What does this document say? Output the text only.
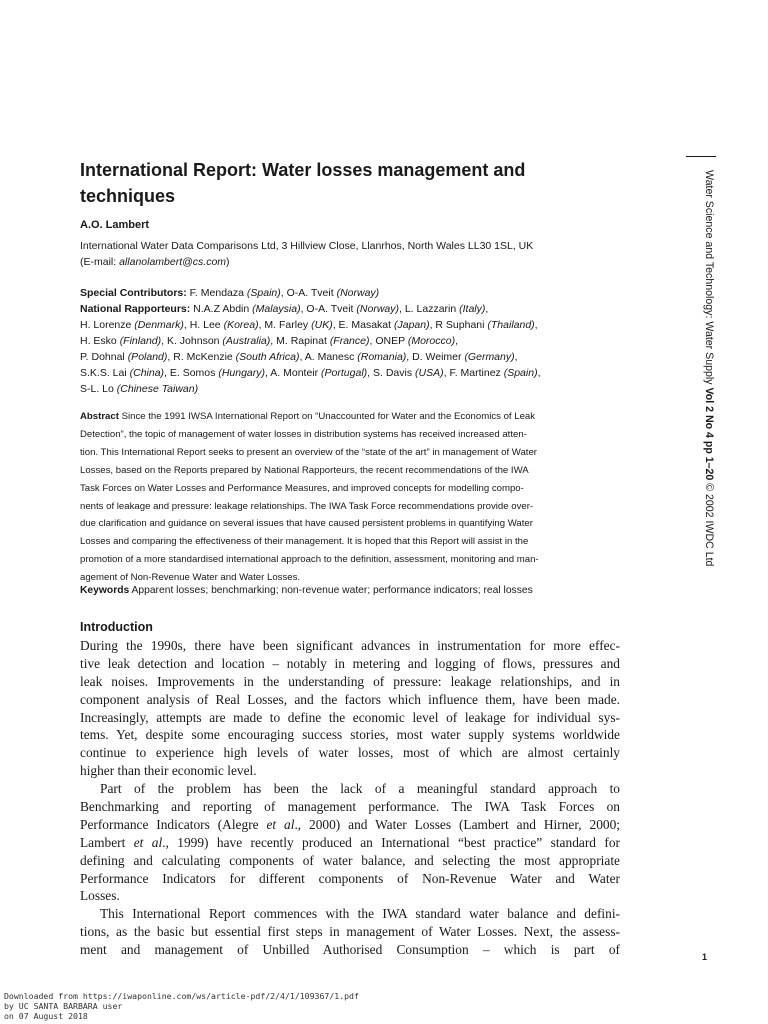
International Report: Water losses management and
techniques
A.O. Lambert
International Water Data Comparisons Ltd, 3 Hillview Close, Llanrhos, North Wales LL30 1SL, UK
(E-mail: allanolambert@cs.com)
Special Contributors: F. Mendaza (Spain), O-A. Tveit (Norway)
National Rapporteurs: N.A.Z Abdin (Malaysia), O-A. Tveit (Norway), L. Lazzarin (Italy),
H. Lorenze (Denmark), H. Lee (Korea), M. Farley (UK), E. Masakat (Japan), R Suphani (Thailand),
H. Esko (Finland), K. Johnson (Australia), M. Rapinat (France), ONEP (Morocco),
P. Dohnal (Poland), R. McKenzie (South Africa), A. Manesc (Romania), D. Weimer (Germany),
S.K.S. Lai (China), E. Somos (Hungary), A. Monteir (Portugal), S. Davis (USA), F. Martinez (Spain),
S-L. Lo (Chinese Taiwan)
Abstract Since the 1991 IWSA International Report on “Unaccounted for Water and the Economics of Leak
Detection”, the topic of management of water losses in distribution systems has received increased atten-
tion. This International Report seeks to present an overview of the “state of the art” in management of Water
Losses, based on the Reports prepared by National Rapporteurs, the recent recommendations of the IWA
Task Forces on Water Losses and Performance Measures, and improved concepts for modelling compo-
nents of leakage and pressure: leakage relationships. The IWA Task Force recommendations provide over-
due clarification and guidance on several issues that have caused persistent problems in quantifying Water
Losses and comparing the effectiveness of their management. It is hoped that this Report will assist in the
promotion of a more standardised international approach to the definition, assessment, monitoring and man-
agement of Non-Revenue Water and Water Losses.
Keywords Apparent losses; benchmarking; non-revenue water; performance indicators; real losses
Introduction
During the 1990s, there have been significant advances in instrumentation for more effec-
tive leak detection and location – notably in metering and logging of flows, pressures and
leak noises. Improvements in the understanding of pressure: leakage relationships, and in
component analysis of Real Losses, and the factors which influence them, have been made.
Increasingly, attempts are made to define the economic level of leakage for individual sys-
tems. Yet, despite some encouraging success stories, most water supply systems worldwide
continue to experience high levels of water losses, most of which are almost certainly
higher than their economic level.
Part of the problem has been the lack of a meaningful standard approach to
Benchmarking and reporting of management performance. The IWA Task Forces on
Performance Indicators (Alegre et al., 2000) and Water Losses (Lambert and Hirner, 2000;
Lambert et al., 1999) have recently produced an International “best practice” standard for
defining and calculating components of water balance, and selecting the most appropriate
Performance Indicators for different components of Non-Revenue Water and Water
Losses.
This International Report commences with the IWA standard water balance and defini-
tions, as the basic but essential first steps in management of Water Losses. Next, the assess-
ment and management of Unbilled Authorised Consumption – which is part of
Water Science and Technology: Water Supply Vol 2 No 4 pp 1–20 © 2002 IWDC Ltd
1
Downloaded from https://iwaponline.com/ws/article-pdf/2/4/1/109367/1.pdf
by UC SANTA BARBARA user
on 07 August 2018
